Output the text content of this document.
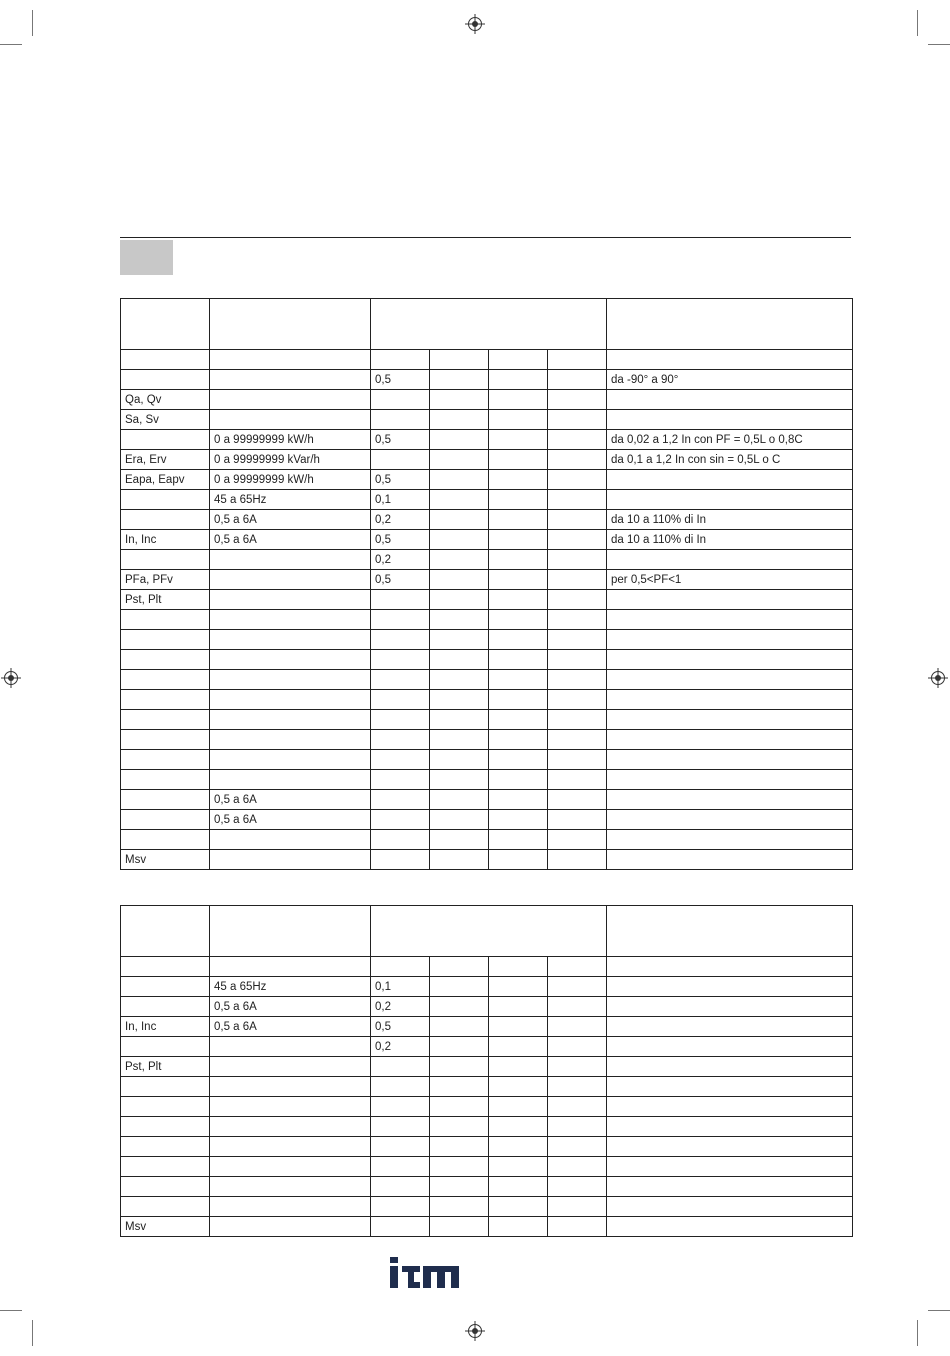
		0,5				da -90° a 90°
Qa, Qv						
Sa, Sv						
	0 a 99999999 kW/h	0,5				da 0,02 a 1,2 In con PF = 0,5L o 0,8C
Era, Erv	0 a 99999999 kVar/h					da 0,1 a 1,2 In con sin = 0,5L o C
Eapa, Eapv	0 a 99999999 kW/h	0,5				
	45 a 65Hz	0,1				
	0,5 a 6A	0,2				da 10 a 110% di In
In, Inc	0,5 a 6A	0,5				da 10 a 110% di In
		0,2				
PFa, PFv		0,5				per 0,5<PF<1
Pst, Plt						

	0,5 a 6A					
	0,5 a 6A					

Msv						

	45 a 65Hz	0,1				
	0,5 a 6A	0,2				
In, Inc	0,5 a 6A	0,5				
		0,2				
Pst, Plt						

Msv						
